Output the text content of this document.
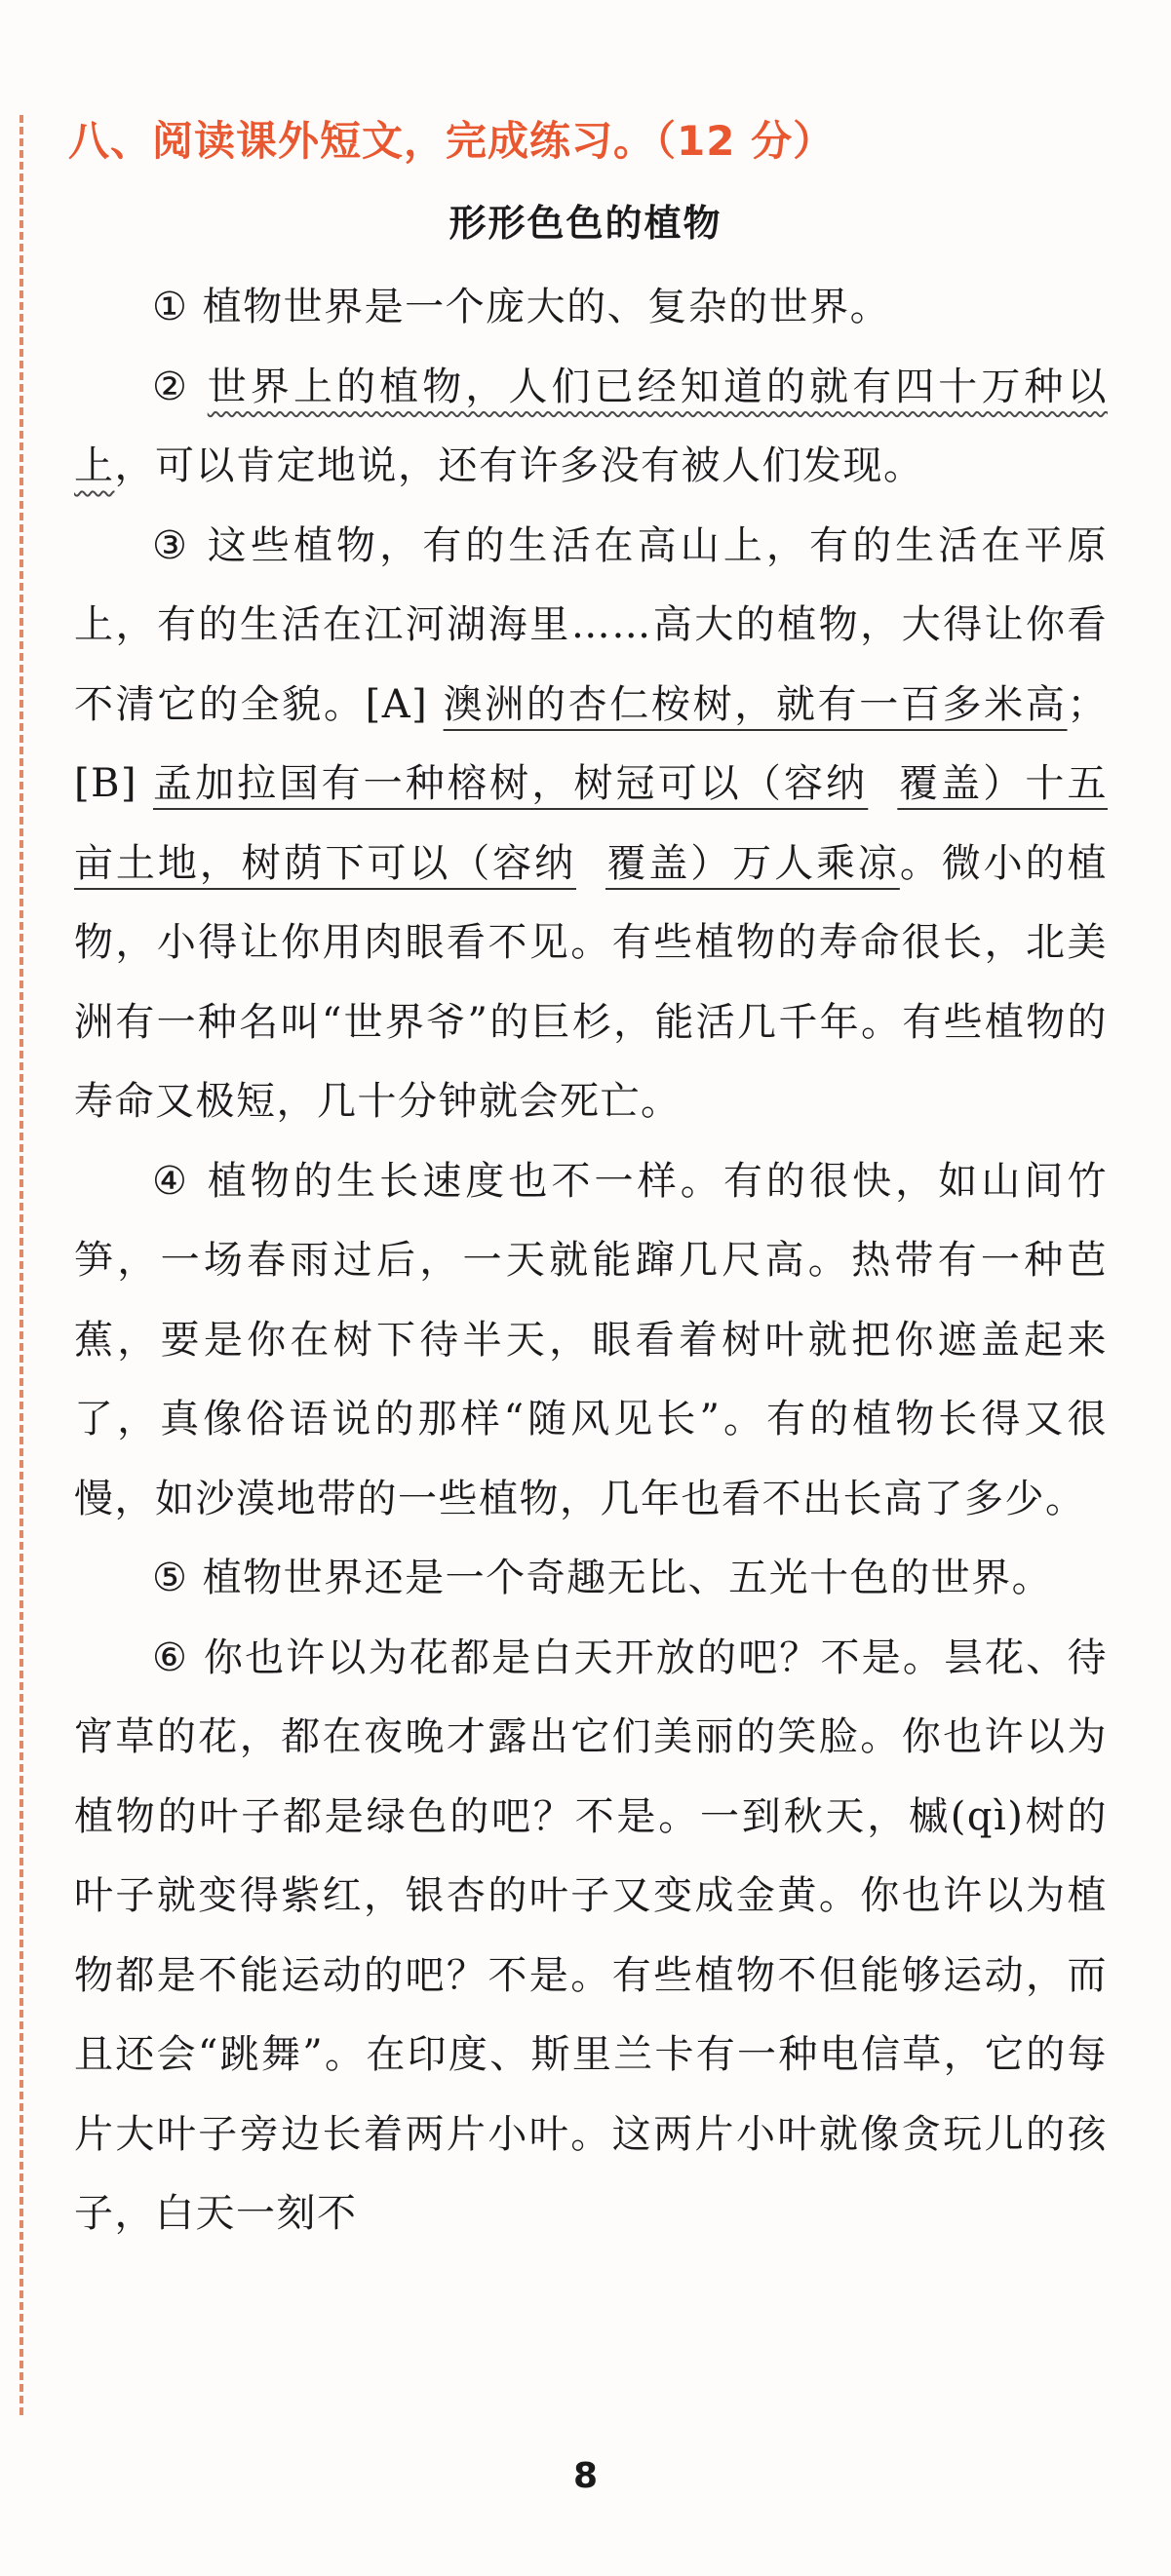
八、阅读课外短文，完成练习。（12 分）
形形色色的植物

① 植物世界是一个庞大的、复杂的世界。

② 世界上的植物，人们已经知道的就有四十万种以上，可以肯定地说，还有许多没有被人们发现。

③ 这些植物，有的生活在高山上，有的生活在平原上，有的生活在江河湖海里……高大的植物，大得让你看不清它的全貌。[A] 澳洲的杏仁桉树，就有一百多米高；[B] 孟加拉国有一种榕树，树冠可以（容纳 覆盖）十五亩土地，树荫下可以（容纳 覆盖）万人乘凉。微小的植物，小得让你用肉眼看不见。有些植物的寿命很长，北美洲有一种名叫“世界爷”的巨杉，能活几千年。有些植物的寿命又极短，几十分钟就会死亡。

④ 植物的生长速度也不一样。有的很快，如山间竹笋，一场春雨过后，一天就能蹿几尺高。热带有一种芭蕉，要是你在树下待半天，眼看着树叶就把你遮盖起来了，真像俗语说的那样“随风见长”。有的植物长得又很慢，如沙漠地带的一些植物，几年也看不出长高了多少。

⑤ 植物世界还是一个奇趣无比、五光十色的世界。

⑥ 你也许以为花都是白天开放的吧？不是。昙花、待宵草的花，都在夜晚才露出它们美丽的笑脸。你也许以为植物的叶子都是绿色的吧？不是。一到秋天，槭(qì)树的叶子就变得紫红，银杏的叶子又变成金黄。你也许以为植物都是不能运动的吧？不是。有些植物不但能够运动，而且还会“跳舞”。在印度、斯里兰卡有一种电信草，它的每片大叶子旁边长着两片小叶。这两片小叶就像贪玩儿的孩子，白天一刻不

8
